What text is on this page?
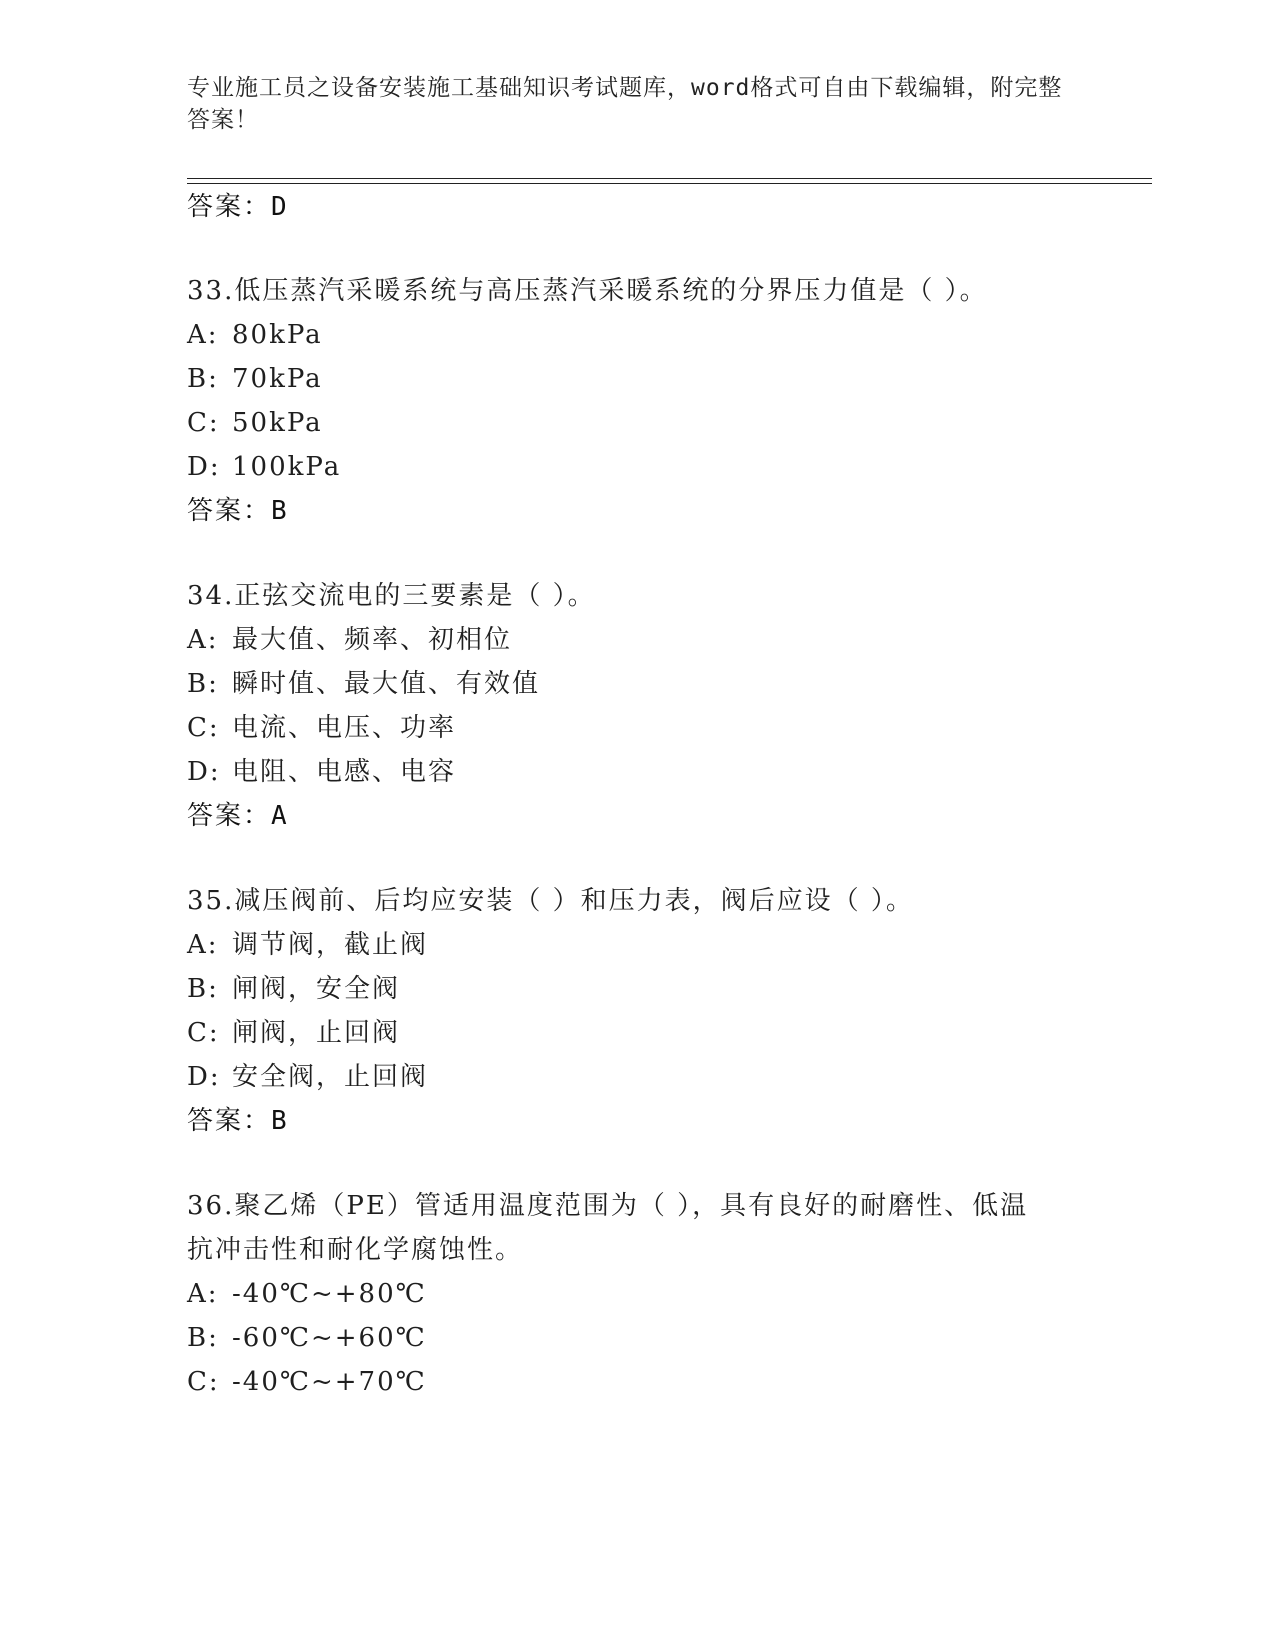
专业施工员之设备安装施工基础知识考试题库，word格式可自由下载编辑，附完整答案！
答案：D
33.低压蒸汽采暖系统与高压蒸汽采暖系统的分界压力值是（ ）。
A: 80kPa
B: 70kPa
C: 50kPa
D: 100kPa
答案：B
34.正弦交流电的三要素是（ ）。
A: 最大值、频率、初相位
B: 瞬时值、最大值、有效值
C: 电流、电压、功率
D: 电阻、电感、电容
答案：A
35.减压阀前、后均应安装（ ）和压力表，阀后应设（ ）。
A: 调节阀，截止阀
B: 闸阀，安全阀
C: 闸阀，止回阀
D: 安全阀，止回阀
答案：B
36.聚乙烯（PE）管适用温度范围为（ ），具有良好的耐磨性、低温
抗冲击性和耐化学腐蚀性。
A: -40℃~+80℃
B: -60℃~+60℃
C: -40℃~+70℃
